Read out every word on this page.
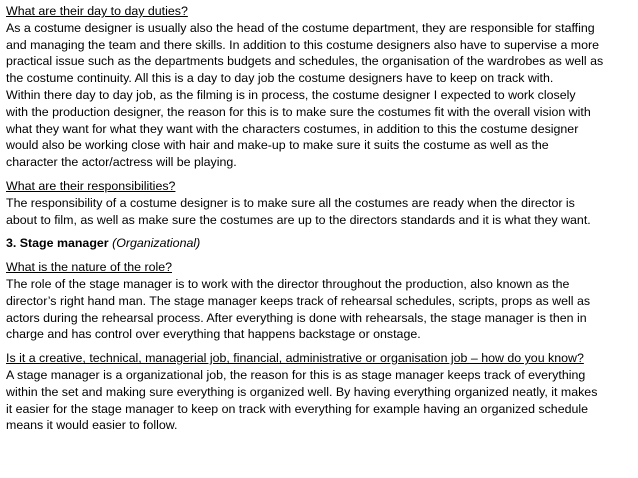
What are their day to day duties?
As a costume designer is usually also the head of the costume department, they are responsible for staffing
and managing the team and there skills. In addition to this costume designers also have to supervise a more
practical issue such as the departments budgets and schedules, the organisation of the wardrobes as well as
the costume continuity. All this is a day to day job the costume designers have to keep on track with.
Within there day to day job, as the filming is in process, the costume designer I expected to work closely
with the production designer, the reason for this is to make sure the costumes fit with the overall vision with
what they want for what they want with the characters costumes, in addition to this the costume designer
would also be working close with hair and make-up to make sure it suits the costume as well as the
character the actor/actress will be playing.
What are their responsibilities?
The responsibility of a costume designer is to make sure all the costumes are ready when the director is
about to film, as well as make sure the costumes are up to the directors standards and it is what they want.
3. Stage manager (Organizational)
What is the nature of the role?
The role of the stage manager is to work with the director throughout the production, also known as the
director’s right hand man. The stage manager keeps track of rehearsal schedules, scripts, props as well as
actors during the rehearsal process. After everything is done with rehearsals, the stage manager is then in
charge and has control over everything that happens backstage or onstage.
Is it a creative, technical, managerial job, financial, administrative or organisation job – how do you know?
A stage manager is a organizational job, the reason for this is as stage manager keeps track of everything
within the set and making sure everything is organized well. By having everything organized neatly, it makes
it easier for the stage manager to keep on track with everything for example having an organized schedule
means it would easier to follow.
